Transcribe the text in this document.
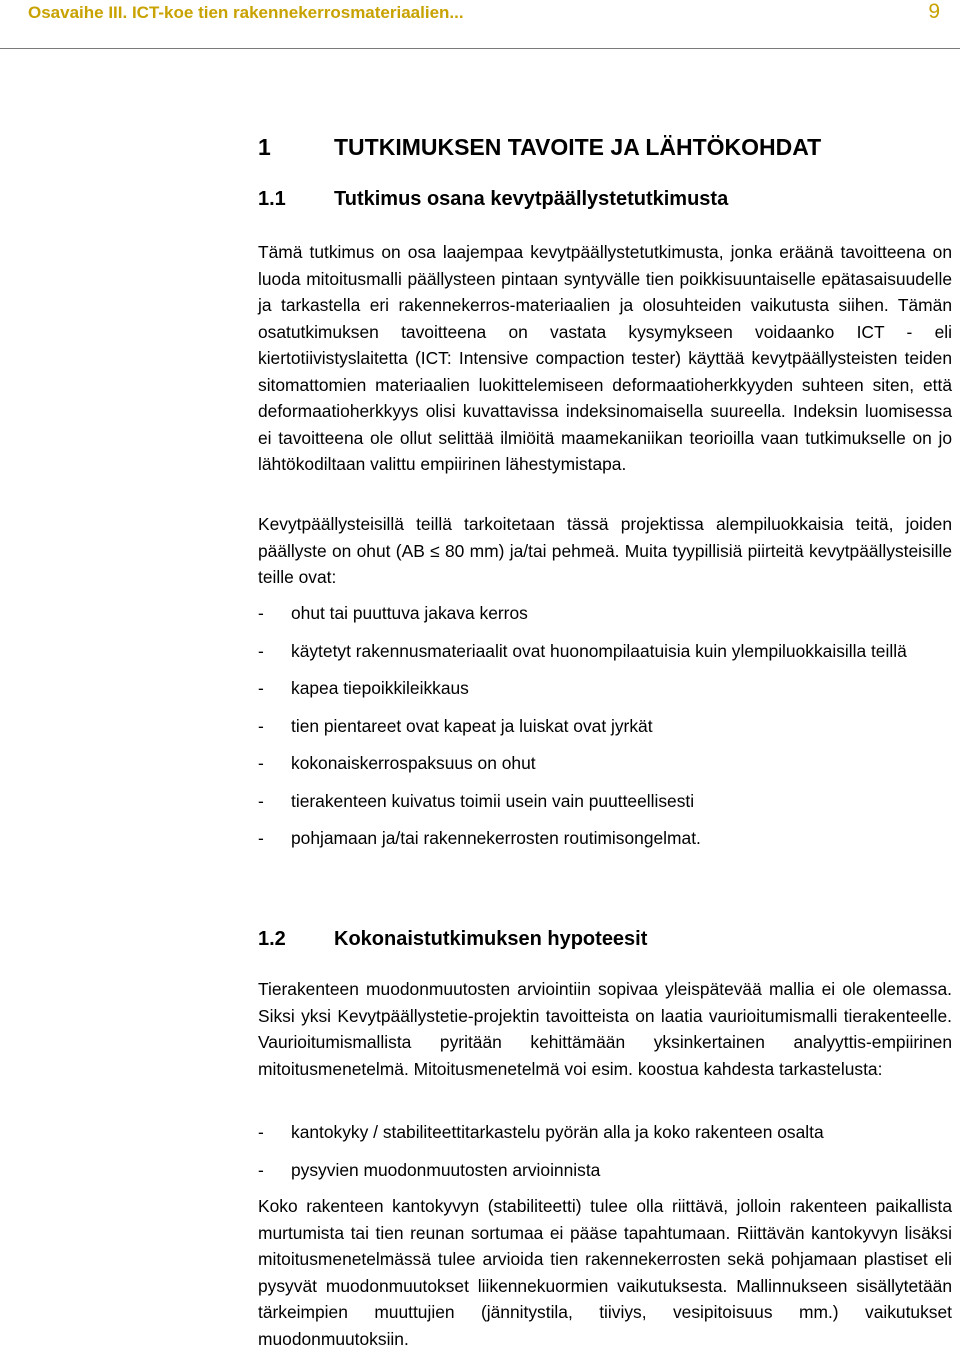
Osavaihe III. ICT-koe tien rakennekerrosmateriaalien...	9
1	TUTKIMUKSEN TAVOITE JA LÄHTÖKOHDAT
1.1 Tutkimus osana kevytpäällystetutkimusta

Tämä tutkimus on osa laajempaa kevytpäällystetutkimusta, jonka eräänä tavoitteena on luoda mitoitusmalli päällysteen pintaan syntyvälle tien poikkisuuntaiselle epätasaisuudelle ja tarkastella eri rakennekerros-materiaalien ja olosuhteiden vaikutusta siihen. Tämän osatutkimuksen tavoitteena on vastata kysymykseen voidaanko ICT - eli kiertotiivistyslaitetta (ICT: Intensive compaction tester) käyttää kevytpäällysteisten teiden sitomattomien materiaalien luokittelemiseen deformaatioherkkyyden suhteen siten, että deformaatioherkkyys olisi kuvattavissa indeksinomaisella suureella. Indeksin luomisessa ei tavoitteena ole ollut selittää ilmiöitä maamekaniikan teorioilla vaan tutkimukselle on jo lähtökodiltaan valittu empiirinen lähestymistapa.

Kevytpäällysteisillä teillä tarkoitetaan tässä projektissa alempiluokkaisia teitä, joiden päällyste on ohut (AB ≤ 80 mm) ja/tai pehmeä. Muita tyypillisiä piirteitä kevytpäällysteisille teille ovat:

- ohut tai puuttuva jakava kerros
- käytetyt rakennusmateriaalit ovat huonompilaatuisia kuin ylempiluokkaisilla teillä
- kapea tiepoikkileikkaus
- tien pientareet ovat kapeat ja luiskat ovat jyrkät
- kokonaiskerrospaksuus on ohut
- tierakenteen kuivatus toimii usein vain puutteellisesti
- pohjamaan ja/tai rakennekerrosten routimisongelmat.
1.2 Kokonaistutkimuksen hypoteesit

Tierakenteen muodonmuutosten arviointiin sopivaa yleispätevää mallia ei ole olemassa. Siksi yksi Kevytpäällystetie-projektin tavoitteista on laatia vaurioitumismalli tierakenteelle. Vaurioitumismallista pyritään kehittämään yksinkertainen analyyttis-empiirinen mitoitusmenetelmä. Mitoitusmenetelmä voi esim. koostua kahdesta tarkastelusta:

- kantokyky / stabiliteettitarkastelu pyörän alla ja koko rakenteen osalta
- pysyvien muodonmuutosten arvioinnista

Koko rakenteen kantokyvyn (stabiliteetti) tulee olla riittävä, jolloin rakenteen paikallista murtumista tai tien reunan sortumaa ei pääse tapahtumaan. Riittävän kantokyvyn lisäksi mitoitusmenetelmässä tulee arvioida tien rakennekerrosten sekä pohjamaan plastiset eli pysyvät muodonmuutokset liikennekuormien vaikutuksesta. Mallinnukseen sisällytetään tärkeimpien muuttujien (jännitystila, tiiviys, vesipitoisuus mm.) vaikutukset muodonmuutoksiin.
